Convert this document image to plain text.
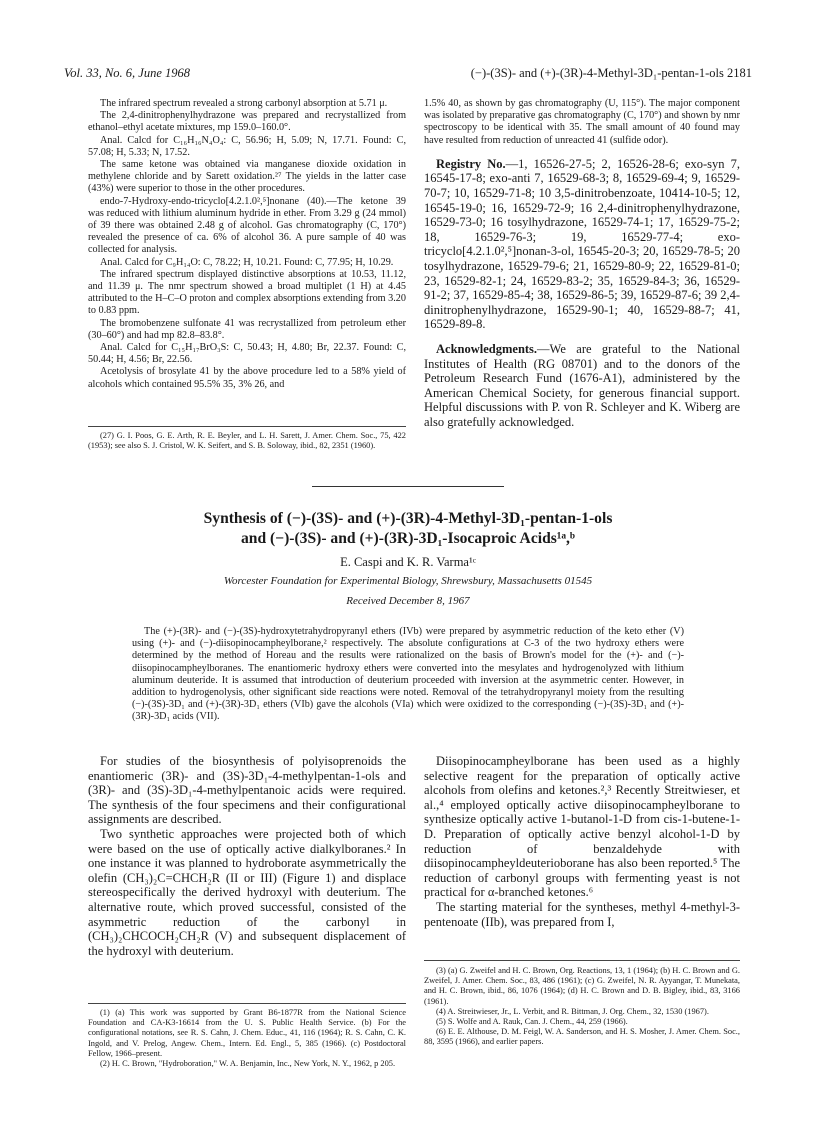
Vol. 33, No. 6, June 1968	(−)-(3S)- and (+)-(3R)-4-Methyl-3D₁-pentan-1-ols 2181

The infrared spectrum revealed a strong carbonyl absorption at 5.71 μ.

The 2,4-dinitrophenylhydrazone was prepared and recrystallized from ethanol–ethyl acetate mixtures, mp 159.0–160.0°.

Anal. Calcd for C₁₆H₁₆N₄O₄: C, 56.96; H, 5.09; N, 17.71. Found: C, 57.08; H, 5.33; N, 17.52.

The same ketone was obtained via manganese dioxide oxidation in methylene chloride and by Sarett oxidation.²⁷ The yields in the latter case (43%) were superior to those in the other procedures.

endo-7-Hydroxy-endo-tricyclo[4.2.1.0²,⁵]nonane (40).—The ketone 39 was reduced with lithium aluminum hydride in ether. From 3.29 g (24 mmol) of 39 there was obtained 2.48 g of alcohol. Gas chromatography (C, 170°) revealed the presence of ca. 6% of alcohol 36. A pure sample of 40 was collected for analysis.

Anal. Calcd for C₉H₁₄O: C, 78.22; H, 10.21. Found: C, 77.95; H, 10.29.

The infrared spectrum displayed distinctive absorptions at 10.53, 11.12, and 11.39 μ. The nmr spectrum showed a broad multiplet (1 H) at 4.45 attributed to the H–C–O proton and complex absorptions extending from 3.20 to 0.83 ppm.

The bromobenzene sulfonate 41 was recrystallized from petroleum ether (30–60°) and had mp 82.8–83.8°.

Anal. Calcd for C₁₅H₁₇BrO₃S: C, 50.43; H, 4.80; Br, 22.37. Found: C, 50.44; H, 4.56; Br, 22.56.

Acetolysis of brosylate 41 by the above procedure led to a 58% yield of alcohols which contained 95.5% 35, 3% 26, and

(27) G. I. Poos, G. E. Arth, R. E. Beyler, and L. H. Sarett, J. Amer. Chem. Soc., 75, 422 (1953); see also S. J. Cristol, W. K. Seifert, and S. B. Soloway, ibid., 82, 2351 (1960).

1.5% 40, as shown by gas chromatography (U, 115°). The major component was isolated by preparative gas chromatography (C, 170°) and shown by nmr spectroscopy to be identical with 35. The small amount of 40 found may have resulted from reduction of unreacted 41 (sulfide odor).

Registry No.—1, 16526-27-5; 2, 16526-28-6; exo-syn 7, 16545-17-8; exo-anti 7, 16529-68-3; 8, 16529-69-4; 9, 16529-70-7; 10, 16529-71-8; 10 3,5-dinitrobenzoate, 10414-10-5; 12, 16545-19-0; 16, 16529-72-9; 16 2,4-dinitrophenylhydrazone, 16529-73-0; 16 tosylhydrazone, 16529-74-1; 17, 16529-75-2; 18, 16529-76-3; 19, 16529-77-4; exo-tricyclo[4.2.1.0²,⁵]nonan-3-ol, 16545-20-3; 20, 16529-78-5; 20 tosylhydrazone, 16529-79-6; 21, 16529-80-9; 22, 16529-81-0; 23, 16529-82-1; 24, 16529-83-2; 35, 16529-84-3; 36, 16529-91-2; 37, 16529-85-4; 38, 16529-86-5; 39, 16529-87-6; 39 2,4-dinitrophenylhydrazone, 16529-90-1; 40, 16529-88-7; 41, 16529-89-8.

Acknowledgments.—We are grateful to the National Institutes of Health (RG 08701) and to the donors of the Petroleum Research Fund (1676-A1), administered by the American Chemical Society, for generous financial support. Helpful discussions with P. von R. Schleyer and K. Wiberg are also gratefully acknowledged.

Synthesis of (−)-(3S)- and (+)-(3R)-4-Methyl-3D₁-pentan-1-ols
and (−)-(3S)- and (+)-(3R)-3D₁-Isocaproic Acids¹ᵃ,ᵇ
E. Caspi and K. R. Varma¹ᶜ
Worcester Foundation for Experimental Biology, Shrewsbury, Massachusetts 01545
Received December 8, 1967
The (+)-(3R)- and (−)-(3S)-hydroxytetrahydropyranyl ethers (IVb) were prepared by asymmetric reduction of the keto ether (V) using (+)- and (−)-diisopinocampheylborane,² respectively. The absolute configurations at C-3 of the two hydroxy ethers were determined by the method of Horeau and the results were rationalized on the basis of Brown's model for the (+)- and (−)-diisopinocampheylboranes. The enantiomeric hydroxy ethers were converted into the mesylates and hydrogenolyzed with lithium aluminum deuteride. It is assumed that introduction of deuterium proceeded with inversion at the asymmetric center. However, in addition to hydrogenolysis, other significant side reactions were noted. Removal of the tetrahydropyranyl moiety from the resulting (−)-(3S)-3D₁ and (+)-(3R)-3D₁ ethers (VIb) gave the alcohols (VIa) which were oxidized to the corresponding (−)-(3S)-3D₁ and (+)-(3R)-3D₁ acids (VII).

For studies of the biosynthesis of polyisoprenoids the enantiomeric (3R)- and (3S)-3D₁-4-methylpentan-1-ols and (3R)- and (3S)-3D₁-4-methylpentanoic acids were required. The synthesis of the four specimens and their configurational assignments are described.

Two synthetic approaches were projected both of which were based on the use of optically active dialkylboranes.² In one instance it was planned to hydroborate asymmetrically the olefin (CH₃)₂C=CHCH₂R (II or III) (Figure 1) and displace stereospecifically the derived hydroxyl with deuterium. The alternative route, which proved successful, consisted of the asymmetric reduction of the carbonyl in (CH₃)₂CHCOCH₂CH₂R (V) and subsequent displacement of the hydroxyl with deuterium.

(1) (a) This work was supported by Grant B6-1877R from the National Science Foundation and CA-K3-16614 from the U. S. Public Health Service. (b) For the configurational notations, see R. S. Cahn, J. Chem. Educ., 41, 116 (1964); R. S. Cahn, C. K. Ingold, and V. Prelog, Angew. Chem., Intern. Ed. Engl., 5, 385 (1966). (c) Postdoctoral Fellow, 1966–present.

(2) H. C. Brown, "Hydroboration," W. A. Benjamin, Inc., New York, N. Y., 1962, p 205.

Diisopinocampheylborane has been used as a highly selective reagent for the preparation of optically active alcohols from olefins and ketones.²,³ Recently Streitwieser, et al.,⁴ employed optically active diisopinocampheylborane to synthesize optically active 1-butanol-1-D from cis-1-butene-1-D. Preparation of optically active benzyl alcohol-1-D by reduction of benzaldehyde with diisopinocampheyldeuterioborane has also been reported.⁵ The reduction of carbonyl groups with fermenting yeast is not practical for α-branched ketones.⁶

The starting material for the syntheses, methyl 4-methyl-3-pentenoate (IIb), was prepared from I,

(3) (a) G. Zweifel and H. C. Brown, Org. Reactions, 13, 1 (1964); (b) H. C. Brown and G. Zweifel, J. Amer. Chem. Soc., 83, 486 (1961); (c) G. Zweifel, N. R. Ayyangar, T. Munekata, and H. C. Brown, ibid., 86, 1076 (1964); (d) H. C. Brown and D. B. Bigley, ibid., 83, 3166 (1961).

(4) A. Streitwieser, Jr., L. Verbit, and R. Bittman, J. Org. Chem., 32, 1530 (1967).

(5) S. Wolfe and A. Rauk, Can. J. Chem., 44, 259 (1966).

(6) E. E. Althouse, D. M. Feigl, W. A. Sanderson, and H. S. Mosher, J. Amer. Chem. Soc., 88, 3595 (1966), and earlier papers.
